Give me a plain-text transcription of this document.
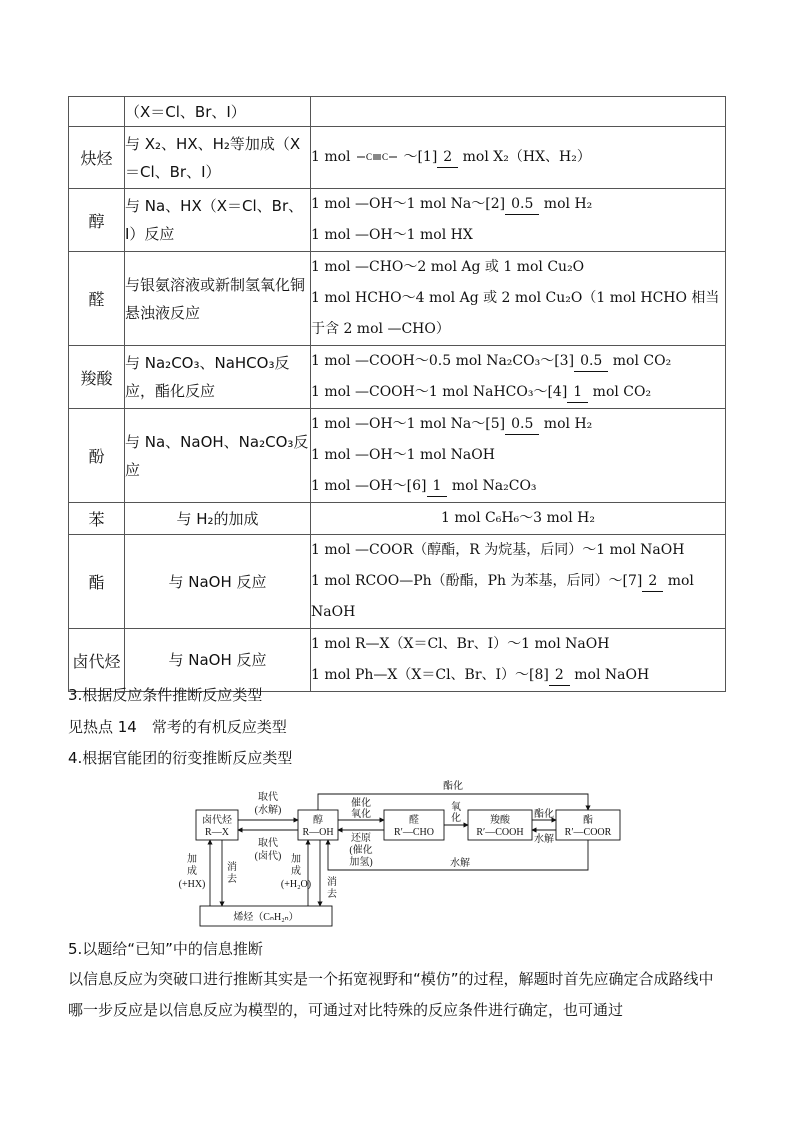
	（X＝Cl、Br、I）	
炔烃	与 X₂、HX、H₂等加成（X＝Cl、Br、I）	1 mol C C ～[1] 2 mol X₂（HX、H₂）

醇	与 Na、HX（X＝Cl、Br、I）反应	1 mol —OH～1 mol Na～[2] 0.5 mol H₂
1 mol —OH～1 mol HX

醛	与银氨溶液或新制氢氧化铜悬浊液反应	1 mol —CHO～2 mol Ag 或 1 mol Cu₂O
1 mol HCHO～4 mol Ag 或 2 mol Cu₂O（1 mol HCHO 相当于含 2 mol —CHO）

羧酸	与 Na₂CO₃、NaHCO₃反应，酯化反应	1 mol —COOH～0.5 mol Na₂CO₃～[3] 0.5 mol CO₂
1 mol —COOH～1 mol NaHCO₃～[4] 1 mol CO₂

酚	与 Na、NaOH、Na₂CO₃反应	1 mol —OH～1 mol Na～[5] 0.5 mol H₂
1 mol —OH～1 mol NaOH
1 mol —OH～[6] 1 mol Na₂CO₃

苯	与 H₂的加成	1 mol C₆H₆～3 mol H₂

酯	与 NaOH 反应	1 mol —COOR（醇酯，R 为烷基，后同）～1 mol NaOH
1 mol RCOO—Ph（酚酯，Ph 为苯基，后同）～[7] 2 mol NaOH

卤代烃	与 NaOH 反应	1 mol R—X（X＝Cl、Br、I）～1 mol NaOH
1 mol Ph—X（X＝Cl、Br、I）～[8] 2 mol NaOH
3.根据反应条件推断反应类型
见热点 14　常考的有机反应类型
4.根据官能团的衍变推断反应类型
卤代烃
R—X
醇
R—OH
醛
R′—CHO
羧酸
R′—COOH
酯
R′—COOR
烯烃（CₙH₂ₙ）
酯化
取代
(水解)
取代
(卤代)
催化
氧化
还原
(催化
加氢)
氧
化	酯化
水解
水解
加
成
(+HX)
消
去
加
成
(+H₂O) 消
去
5.以题给“已知”中的信息推断
以信息反应为突破口进行推断其实是一个拓宽视野和“模仿”的过程，解题时首先应确定合成路线中哪一步反应是以信息反应为模型的，可通过对比特殊的反应条件进行确定，也可通过
